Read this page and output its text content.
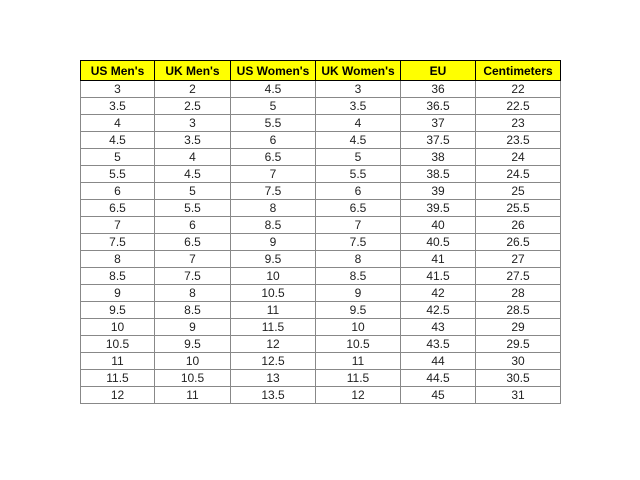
US Men's	UK Men's	US Women's	UK Women's	EU	Centimeters
3	2	4.5	3	36	22
3.5	2.5	5	3.5	36.5	22.5
4	3	5.5	4	37	23
4.5	3.5	6	4.5	37.5	23.5
5	4	6.5	5	38	24
5.5	4.5	7	5.5	38.5	24.5
6	5	7.5	6	39	25
6.5	5.5	8	6.5	39.5	25.5
7	6	8.5	7	40	26
7.5	6.5	9	7.5	40.5	26.5
8	7	9.5	8	41	27
8.5	7.5	10	8.5	41.5	27.5
9	8	10.5	9	42	28
9.5	8.5	11	9.5	42.5	28.5
10	9	11.5	10	43	29
10.5	9.5	12	10.5	43.5	29.5
11	10	12.5	11	44	30
11.5	10.5	13	11.5	44.5	30.5
12	11	13.5	12	45	31
